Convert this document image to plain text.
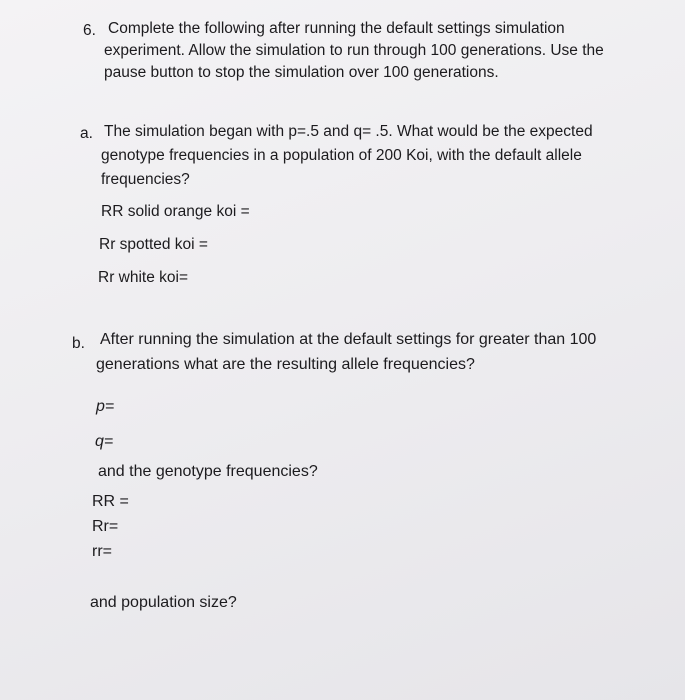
6. Complete the following after running the default settings simulation
experiment. Allow the simulation to run through 100 generations. Use the
pause button to stop the simulation over 100 generations.
a. The simulation began with p=.5 and q= .5. What would be the expected
genotype frequencies in a population of 200 Koi, with the default allele
frequencies?
RR solid orange koi =
Rr spotted koi =
Rr white koi=
b. After running the simulation at the default settings for greater than 100
generations what are the resulting allele frequencies?
p=
q=
and the genotype frequencies?
RR =
Rr=
rr=
and population size?
